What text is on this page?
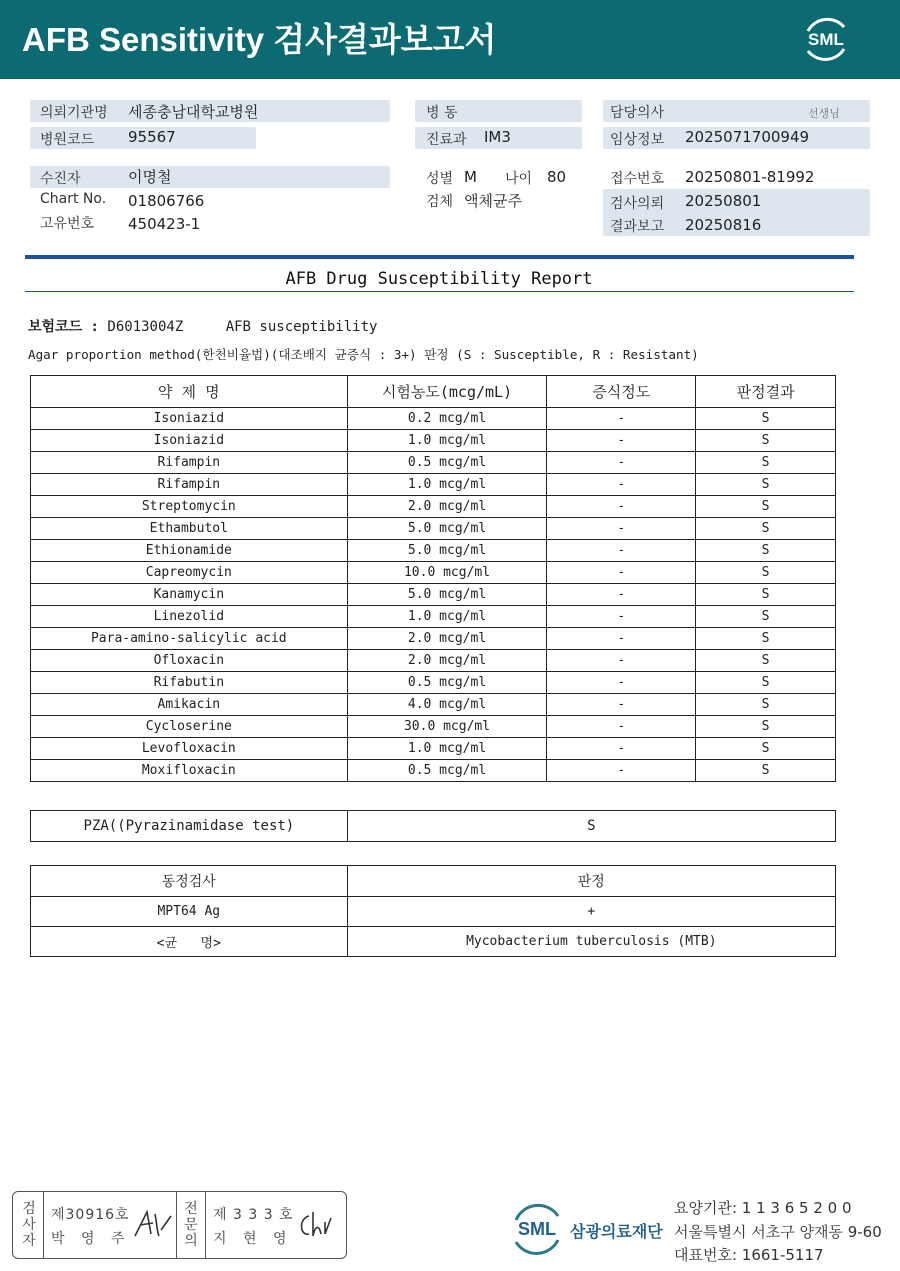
AFB Sensitivity 검사결과보고서	SML
의뢰기관명 세종충남대학교병원
병원코드 95567
병 동
진료과 IM3
담당의사	선생님
임상정보 2025071700949
수진자	이명철
Chart No. 01806766
고유번호 450423-1
성별 M 나이 80
검체 액체균주
접수번호 20250801-81992
검사의뢰 20250801
결과보고 20250816
AFB Drug Susceptibility Report
보험코드 : D6013004Z	AFB susceptibility
Agar proportion method(한천비율법)(대조배지 균증식 : 3+) 판정 (S : Susceptible, R : Resistant)
약 제 명	시험농도(mcg/mL)	증식정도	판정결과
Isoniazid	0.2 mcg/ml	-	S
Isoniazid	1.0 mcg/ml	-	S
Rifampin	0.5 mcg/ml	-	S
Rifampin	1.0 mcg/ml	-	S
Streptomycin	2.0 mcg/ml	-	S
Ethambutol	5.0 mcg/ml	-	S
Ethionamide	5.0 mcg/ml	-	S
Capreomycin	10.0 mcg/ml	-	S
Kanamycin	5.0 mcg/ml	-	S
Linezolid	1.0 mcg/ml	-	S
Para-amino-salicylic acid	2.0 mcg/ml	-	S
Ofloxacin	2.0 mcg/ml	-	S
Rifabutin	0.5 mcg/ml	-	S
Amikacin	4.0 mcg/ml	-	S
Cycloserine	30.0 mcg/ml	-	S
Levofloxacin	1.0 mcg/ml	-	S
Moxifloxacin	0.5 mcg/ml	-	S
PZA((Pyrazinamidase test)	S
동정검사	판정
MPT64 Ag	+
<균   명>	Mycobacterium tuberculosis (MTB)
검
사
자
제30916호
박 영 주
전
문
의
제 3 3 3 호
지 현 영	SML 삼광의료재단
요양기관: 1 1 3 6 5 2 0 0
서울특별시 서초구 양재동 9-60
대표번호: 1661-5117
